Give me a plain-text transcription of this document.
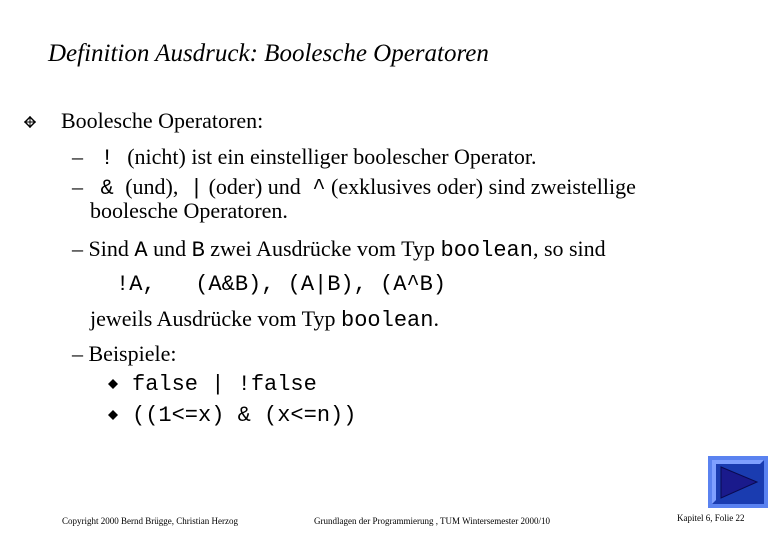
Definition Ausdruck: Boolesche Operatoren
Boolesche Operatoren:
– ! (nicht) ist ein einstelliger boolescher Operator.
– & (und), | (oder) und ^ (exklusives oder) sind zweistellige
boolesche Operatoren.
– Sind A und B zwei Ausdrücke vom Typ boolean, so sind
!A,   (A&B), (A|B), (A^B)
jeweils Ausdrücke vom Typ boolean.
– Beispiele:
false | !false
((1<=x) & (x<=n))
Copyright 2000 Bernd Brügge, Christian Herzog	Grundlagen der Programmierung , TUM Wintersemester 2000/10	Kapitel 6, Folie 22
